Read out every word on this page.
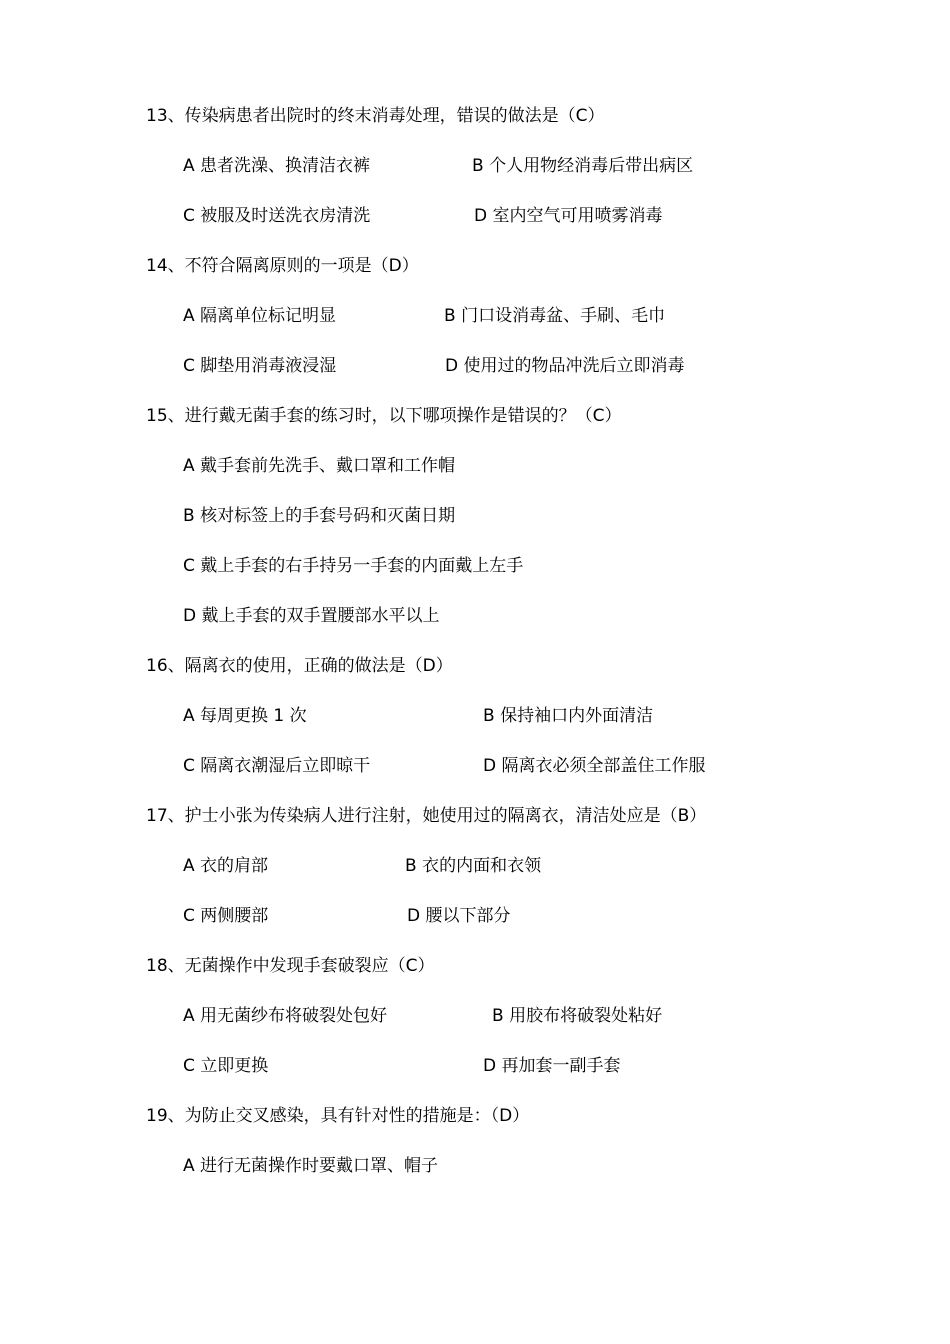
13、传染病患者出院时的终末消毒处理，错误的做法是（C）
A 患者洗澡、换清洁衣裤	B 个人用物经消毒后带出病区
C 被服及时送洗衣房清洗	D 室内空气可用喷雾消毒
14、不符合隔离原则的一项是（D）
A 隔离单位标记明显	B 门口设消毒盆、手刷、毛巾
C 脚垫用消毒液浸湿	D 使用过的物品冲洗后立即消毒
15、进行戴无菌手套的练习时，以下哪项操作是错误的？（C）
A 戴手套前先洗手、戴口罩和工作帽
B 核对标签上的手套号码和灭菌日期
C 戴上手套的右手持另一手套的内面戴上左手
D 戴上手套的双手置腰部水平以上
16、隔离衣的使用，正确的做法是（D）
A 每周更换 1 次	B 保持袖口内外面清洁
C 隔离衣潮湿后立即晾干	D 隔离衣必须全部盖住工作服
17、护士小张为传染病人进行注射，她使用过的隔离衣，清洁处应是（B）
A 衣的肩部	B 衣的内面和衣领
C 两侧腰部	D 腰以下部分
18、无菌操作中发现手套破裂应（C）
A 用无菌纱布将破裂处包好	B 用胶布将破裂处粘好
C 立即更换	D 再加套一副手套
19、为防止交叉感染，具有针对性的措施是：（D）
A 进行无菌操作时要戴口罩、帽子
